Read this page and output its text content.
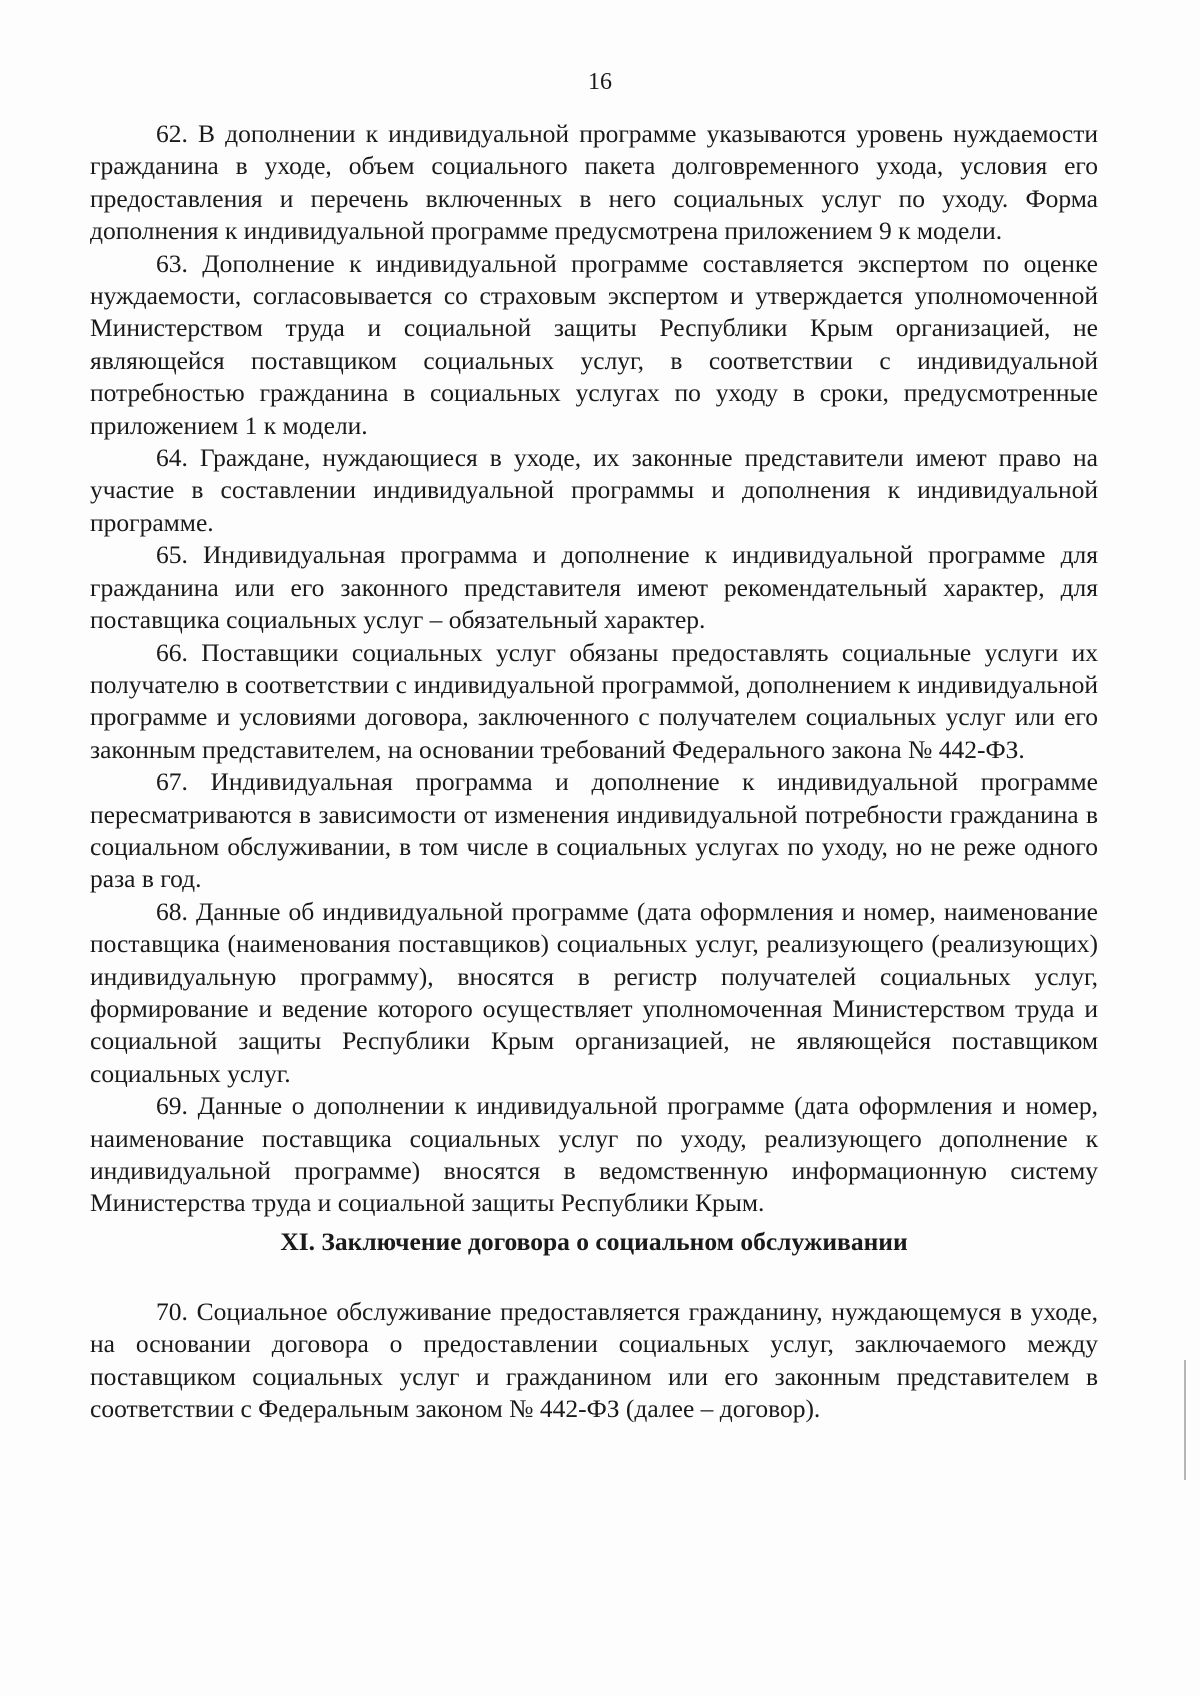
16

62. В дополнении к индивидуальной программе указываются уровень нуждаемости гражданина в уходе, объем социального пакета долговременного ухода, условия его предоставления и перечень включенных в него социальных услуг по уходу. Форма дополнения к индивидуальной программе предусмотрена приложением 9 к модели.

63. Дополнение к индивидуальной программе составляется экспертом по оценке нуждаемости, согласовывается со страховым экспертом и утверждается уполномоченной Министерством труда и социальной защиты Республики Крым организацией, не являющейся поставщиком социальных услуг, в соответствии с индивидуальной потребностью гражданина в социальных услугах по уходу в сроки, предусмотренные приложением 1 к модели.

64. Граждане, нуждающиеся в уходе, их законные представители имеют право на участие в составлении индивидуальной программы и дополнения к индивидуальной программе.

65. Индивидуальная программа и дополнение к индивидуальной программе для гражданина или его законного представителя имеют рекомендательный характер, для поставщика социальных услуг – обязательный характер.

66. Поставщики социальных услуг обязаны предоставлять социальные услуги их получателю в соответствии с индивидуальной программой, дополнением к индивидуальной программе и условиями договора, заключенного с получателем социальных услуг или его законным представителем, на основании требований Федерального закона № 442-ФЗ.

67. Индивидуальная программа и дополнение к индивидуальной программе пересматриваются в зависимости от изменения индивидуальной потребности гражданина в социальном обслуживании, в том числе в социальных услугах по уходу, но не реже одного раза в год.

68. Данные об индивидуальной программе (дата оформления и номер, наименование поставщика (наименования поставщиков) социальных услуг, реализующего (реализующих) индивидуальную программу), вносятся в регистр получателей социальных услуг, формирование и ведение которого осуществляет уполномоченная Министерством труда и социальной защиты Республики Крым организацией, не являющейся поставщиком социальных услуг.

69. Данные о дополнении к индивидуальной программе (дата оформления и номер, наименование поставщика социальных услуг по уходу, реализующего дополнение к индивидуальной программе) вносятся в ведомственную информационную систему Министерства труда и социальной защиты Республики Крым.

XI. Заключение договора о социальном обслуживании

70. Социальное обслуживание предоставляется гражданину, нуждающемуся в уходе, на основании договора о предоставлении социальных услуг, заключаемого между поставщиком социальных услуг и гражданином или его законным представителем в соответствии с Федеральным законом № 442-ФЗ (далее – договор).
